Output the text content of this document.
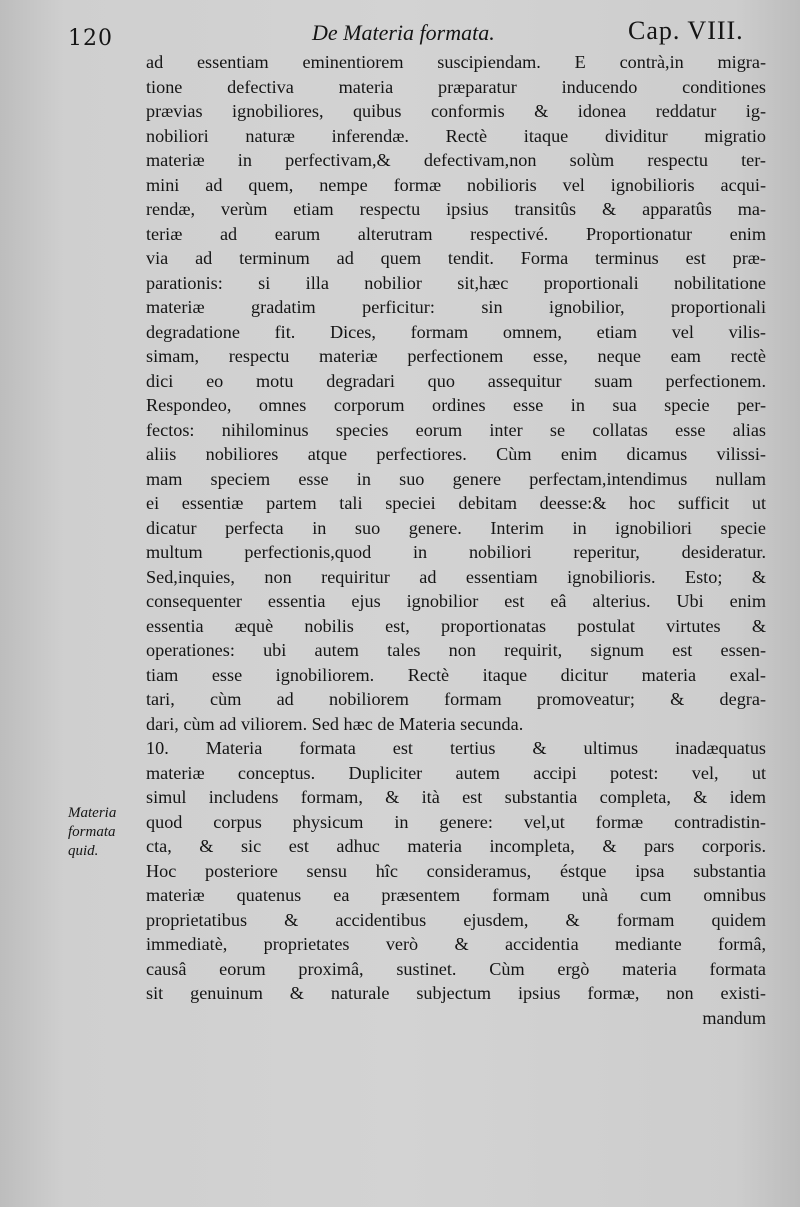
120	De Materia formata.	Cap. VIII.
Materia
formata
quid.
ad essentiam eminentiorem suscipiendam. E contrà,in migra-
tione defectiva materia præparatur inducendo conditiones
prævias ignobiliores, quibus conformis & idonea reddatur ig-
nobiliori naturæ inferendæ. Rectè itaque dividitur migratio
materiæ in perfectivam,& defectivam,non solùm respectu ter-
mini ad quem, nempe formæ nobilioris vel ignobilioris acqui-
rendæ, verùm etiam respectu ipsius transitûs & apparatûs ma-
teriæ ad earum alterutram respectivé. Proportionatur enim
via ad terminum ad quem tendit. Forma terminus est præ-
parationis: si illa nobilior sit,hæc proportionali nobilitatione
materiæ gradatim perficitur: sin ignobilior, proportionali
degradatione fit. Dices, formam omnem, etiam vel vilis-
simam, respectu materiæ perfectionem esse, neque eam rectè
dici eo motu degradari quo assequitur suam perfectionem.
Respondeo, omnes corporum ordines esse in sua specie per-
fectos: nihilominus species eorum inter se collatas esse alias
aliis nobiliores atque perfectiores. Cùm enim dicamus vilissi-
mam speciem esse in suo genere perfectam,intendimus nullam
ei essentiæ partem tali speciei debitam deesse:& hoc sufficit ut
dicatur perfecta in suo genere. Interim in ignobiliori specie
multum perfectionis,quod in nobiliori reperitur, desideratur.
Sed,inquies, non requiritur ad essentiam ignobilioris. Esto; &
consequenter essentia ejus ignobilior est eâ alterius. Ubi enim
essentia æquè nobilis est, proportionatas postulat virtutes &
operationes: ubi autem tales non requirit, signum est essen-
tiam esse ignobiliorem. Rectè itaque dicitur materia exal-
tari, cùm ad nobiliorem formam promoveatur; & degra-
dari, cùm ad viliorem. Sed hæc de Materia secunda.
10. Materia formata est tertius & ultimus inadæquatus
materiæ conceptus. Dupliciter autem accipi potest: vel, ut
simul includens formam, & ità est substantia completa, & idem
quod corpus physicum in genere: vel,ut formæ contradistin-
cta, & sic est adhuc materia incompleta, & pars corporis.
Hoc posteriore sensu hîc consideramus, éstque ipsa substantia
materiæ quatenus ea præsentem formam unà cum omnibus
proprietatibus & accidentibus ejusdem, & formam quidem
immediatè, proprietates verò & accidentia mediante formâ,
causâ eorum proximâ, sustinet. Cùm ergò materia formata
sit genuinum & naturale subjectum ipsius formæ, non existi-
mandum
